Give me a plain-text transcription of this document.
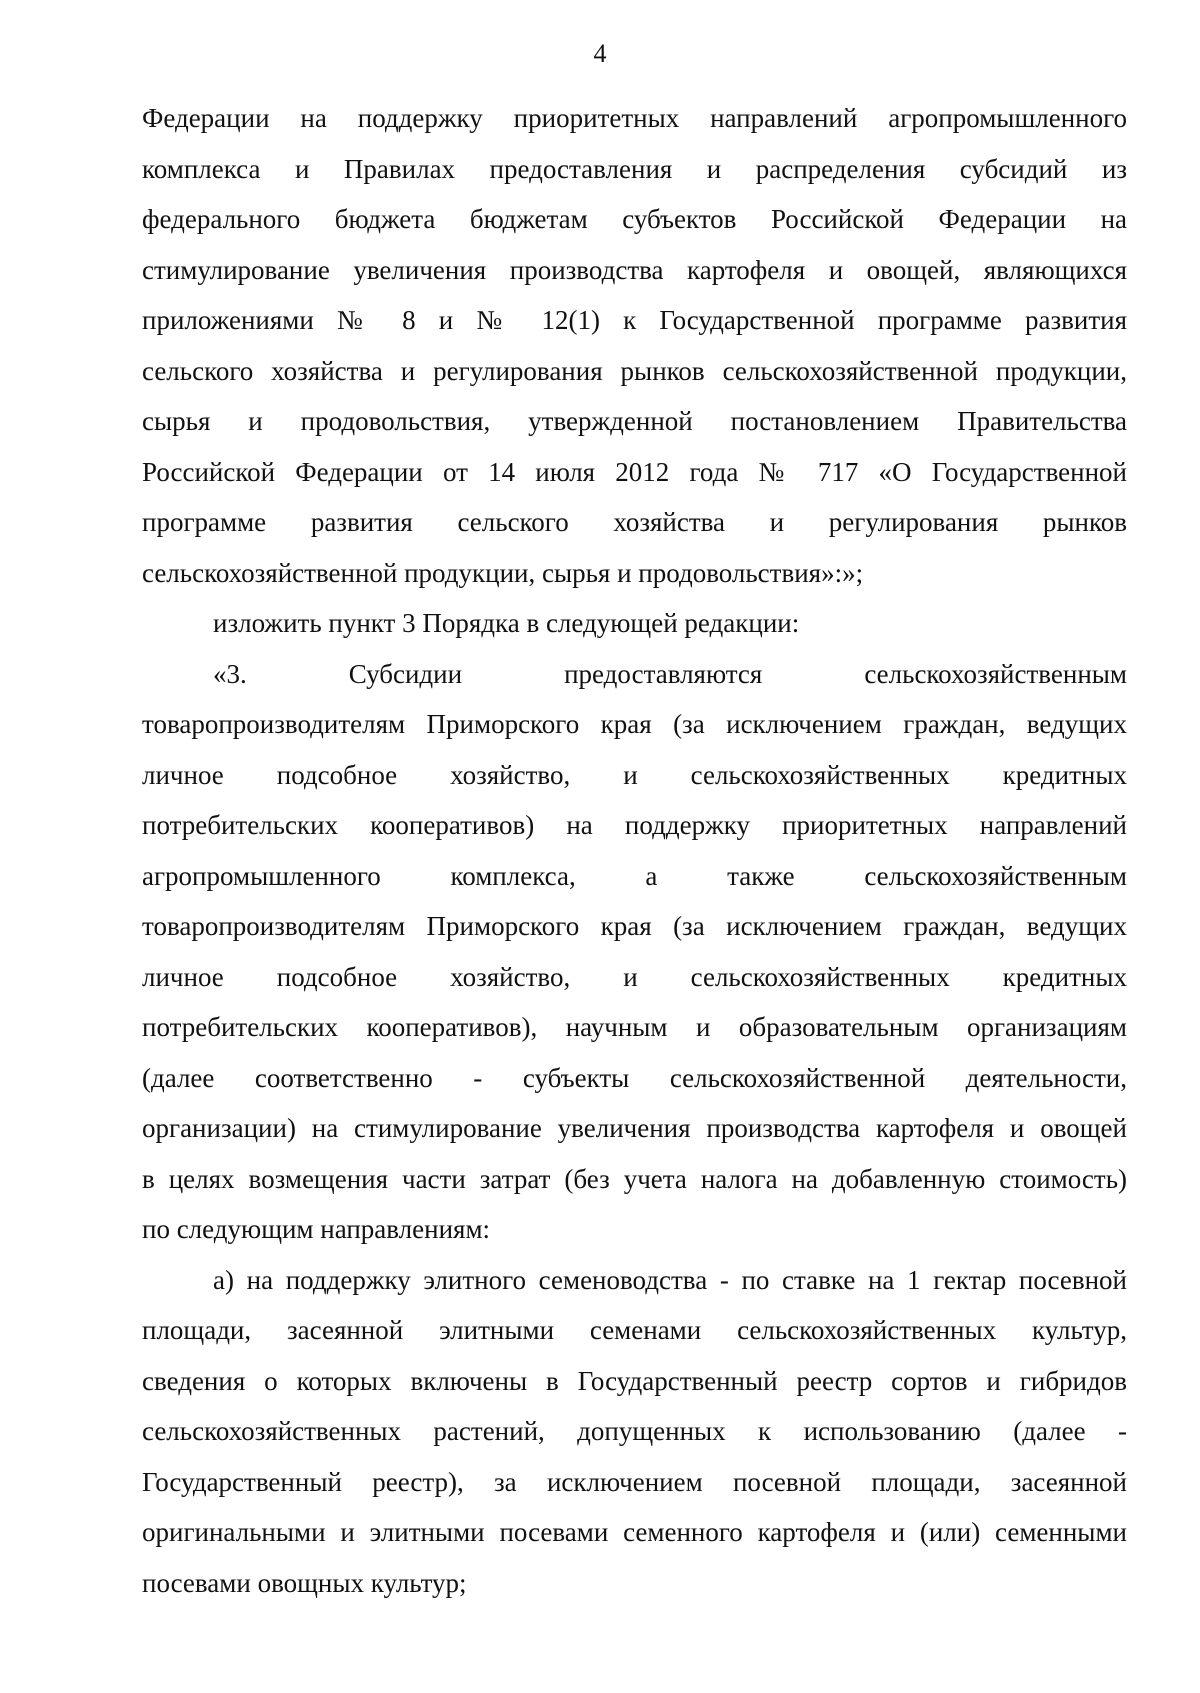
4

Федерации на поддержку приоритетных направлений агропромышленного
комплекса и Правилах предоставления и распределения субсидий из
федерального бюджета бюджетам субъектов Российской Федерации на
стимулирование увеличения производства картофеля и овощей, являющихся
приложениями № 8 и № 12(1) к Государственной программе развития
сельского хозяйства и регулирования рынков сельскохозяйственной продукции,
сырья и продовольствия, утвержденной постановлением Правительства
Российской Федерации от 14 июля 2012 года № 717 «О Государственной
программе развития сельского хозяйства и регулирования рынков
сельскохозяйственной продукции, сырья и продовольствия»:»;

изложить пункт 3 Порядка в следующей редакции:

«3. Субсидии предоставляются сельскохозяйственным
товаропроизводителям Приморского края (за исключением граждан, ведущих
личное подсобное хозяйство, и сельскохозяйственных кредитных
потребительских кооперативов) на поддержку приоритетных направлений
агропромышленного комплекса, а также сельскохозяйственным
товаропроизводителям Приморского края (за исключением граждан, ведущих
личное подсобное хозяйство, и сельскохозяйственных кредитных
потребительских кооперативов), научным и образовательным организациям
(далее соответственно - субъекты сельскохозяйственной деятельности,
организации) на стимулирование увеличения производства картофеля и овощей
в целях возмещения части затрат (без учета налога на добавленную стоимость)
по следующим направлениям:

а) на поддержку элитного семеноводства - по ставке на 1 гектар посевной
площади, засеянной элитными семенами сельскохозяйственных культур,
сведения о которых включены в Государственный реестр сортов и гибридов
сельскохозяйственных растений, допущенных к использованию (далее -
Государственный реестр), за исключением посевной площади, засеянной
оригинальными и элитными посевами семенного картофеля и (или) семенными
посевами овощных культур;
